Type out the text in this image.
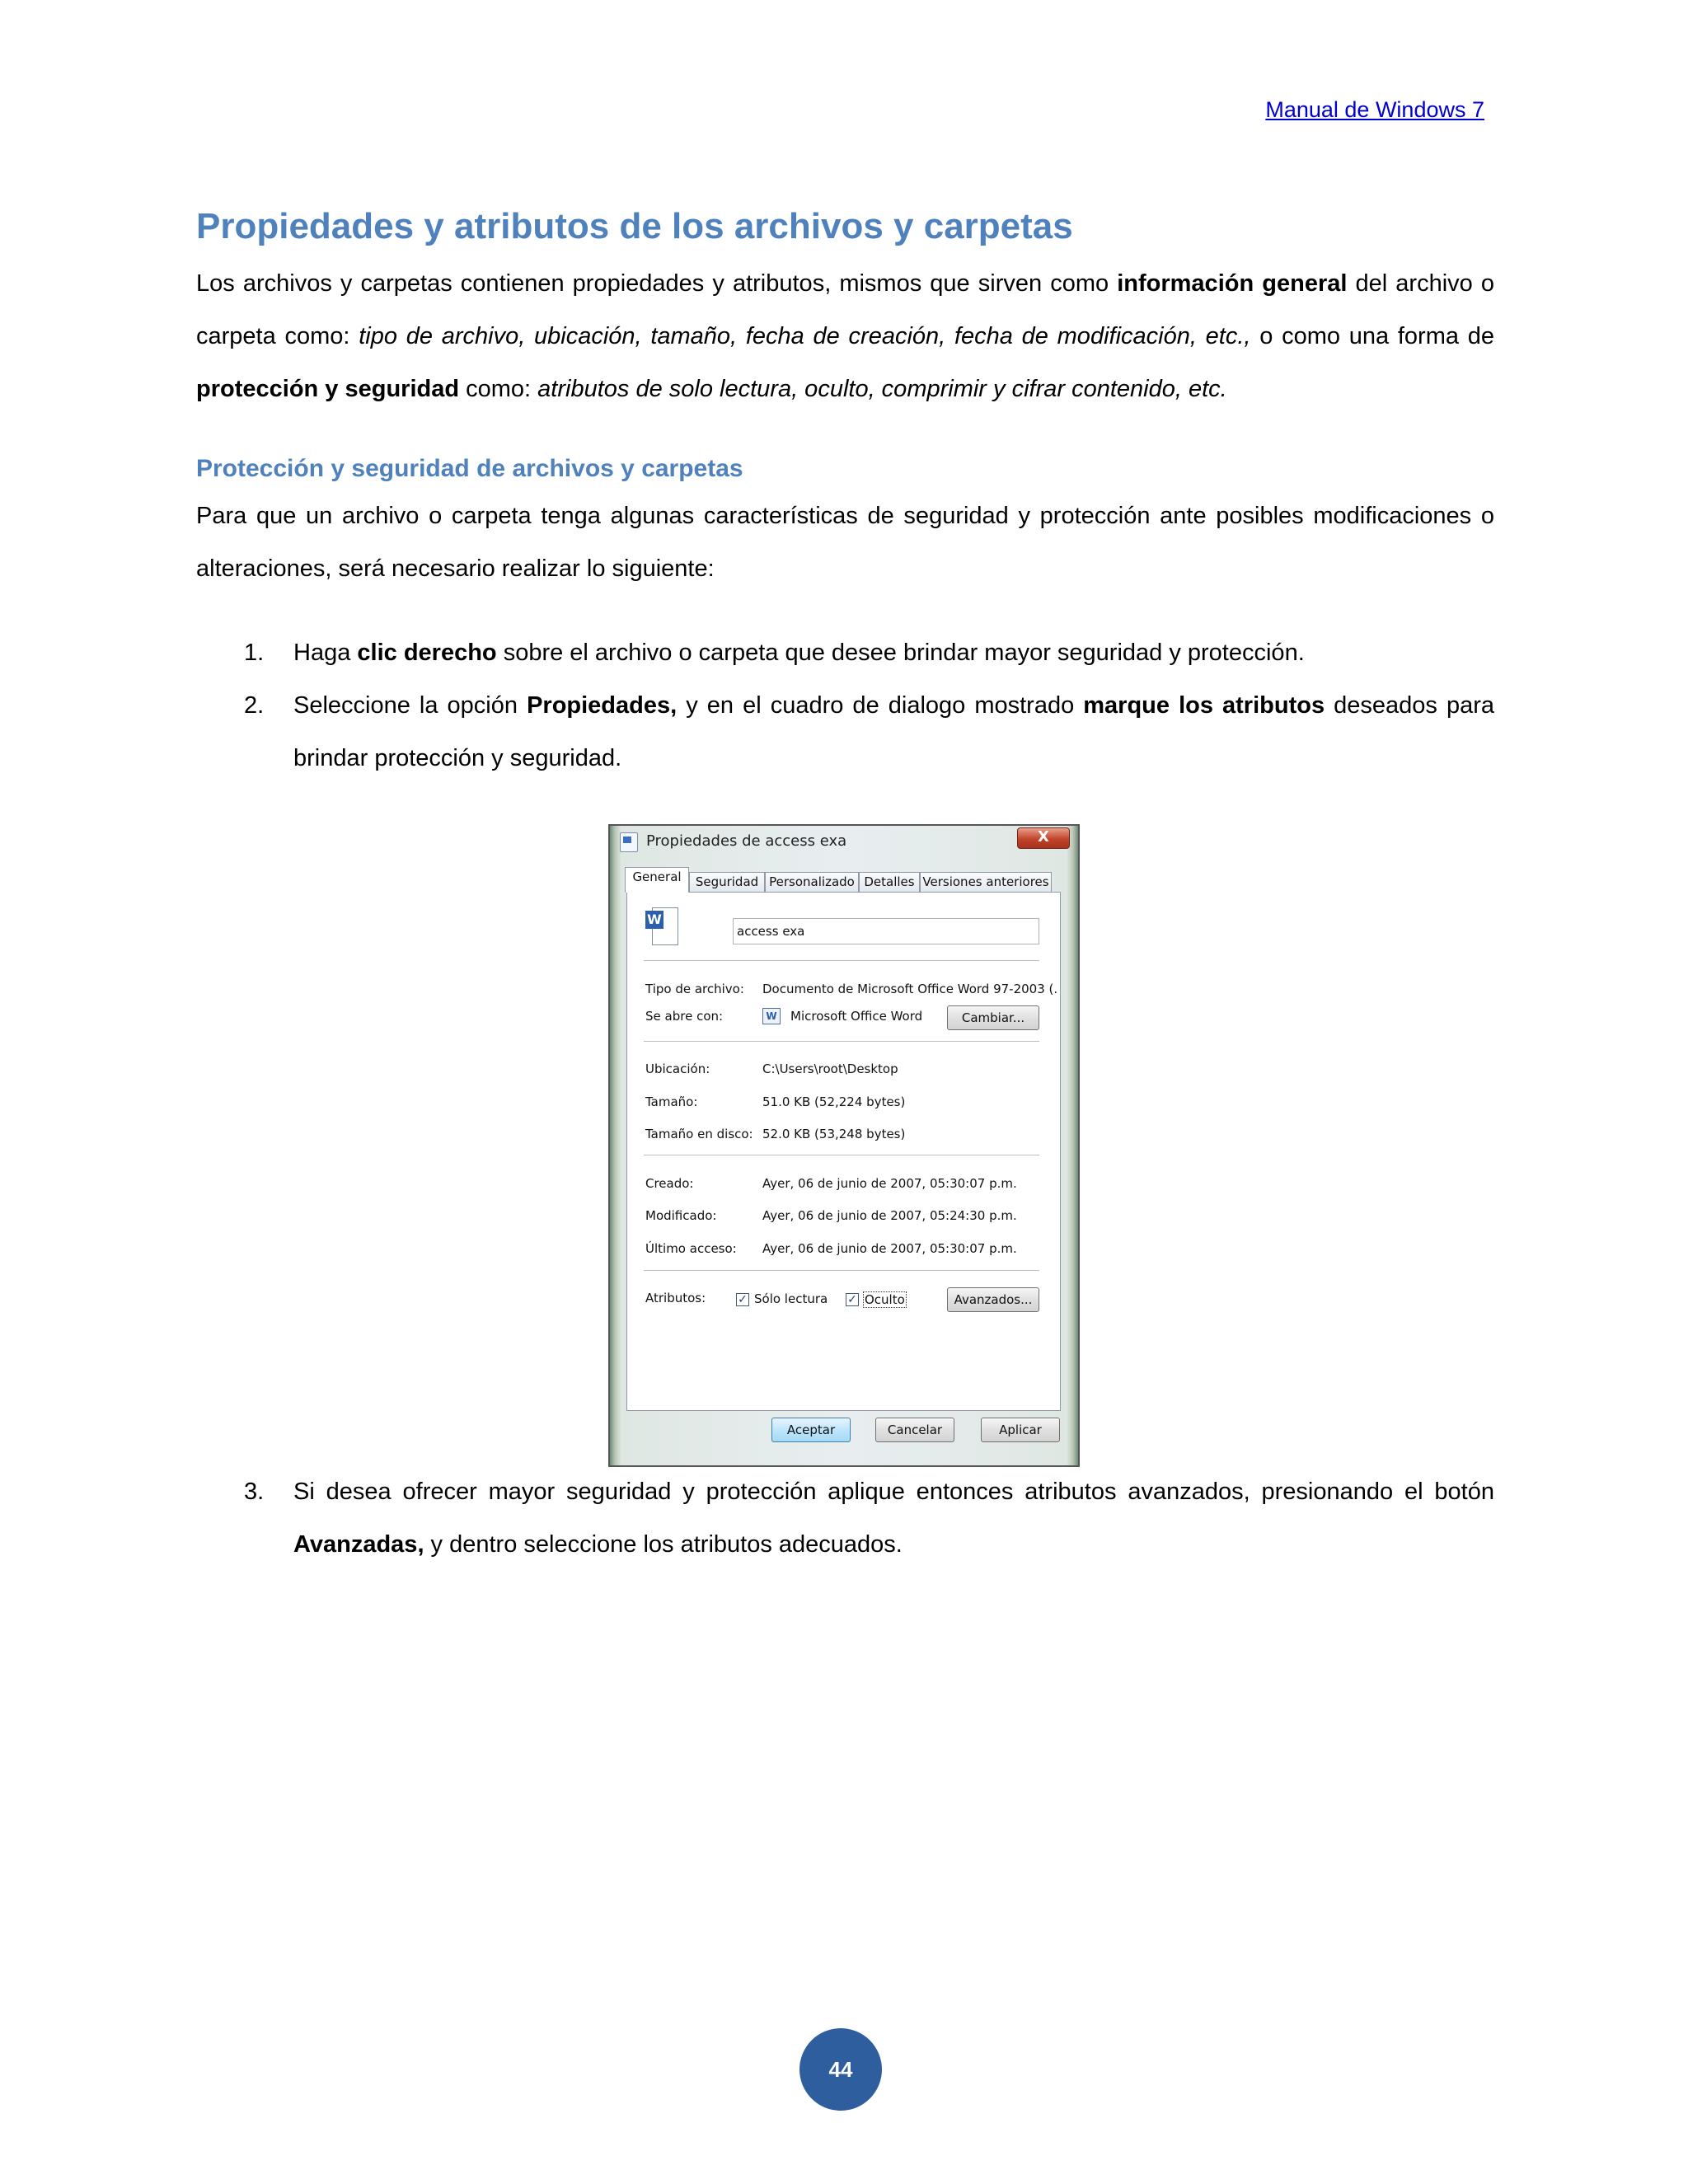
Manual de Windows 7
Propiedades y atributos de los archivos y carpetas

Los archivos y carpetas contienen propiedades y atributos, mismos que sirven como información general del archivo o carpeta como: tipo de archivo, ubicación, tamaño, fecha de creación, fecha de modificación, etc., o como una forma de protección y seguridad como: atributos de solo lectura, oculto, comprimir y cifrar contenido, etc.

Protección y seguridad de archivos y carpetas

Para que un archivo o carpeta tenga algunas características de seguridad y protección ante posibles modificaciones o alteraciones, será necesario realizar lo siguiente:

1. Haga clic derecho sobre el archivo o carpeta que desee brindar mayor seguridad y protección.
2. Seleccione la opción Propiedades, y en el cuadro de dialogo mostrado marque los atributos deseados para brindar protección y seguridad.
3. Si desea ofrecer mayor seguridad y protección aplique entonces atributos avanzados, presionando el botón Avanzadas, y dentro seleccione los atributos adecuados.
Propiedades de access exa	X
General	Seguridad Personalizado Detalles Versiones anteriores
W
access exa
Tipo de archivo: Documento de Microsoft Office Word 97-2003 (.
Se abre con:	W Microsoft Office Word	Cambiar...
Ubicación:	C:\Users\root\Desktop
Tamaño:	51.0 KB (52,224 bytes)
Tamaño en disco: 52.0 KB (53,248 bytes)
Creado:	Ayer, 06 de junio de 2007, 05:30:07 p.m.
Modificado:	Ayer, 06 de junio de 2007, 05:24:30 p.m.
Último acceso: Ayer, 06 de junio de 2007, 05:30:07 p.m.
Atributos:	✓ Sólo lectura ✓ Oculto	Avanzados...
Aceptar	Cancelar	Aplicar
44
